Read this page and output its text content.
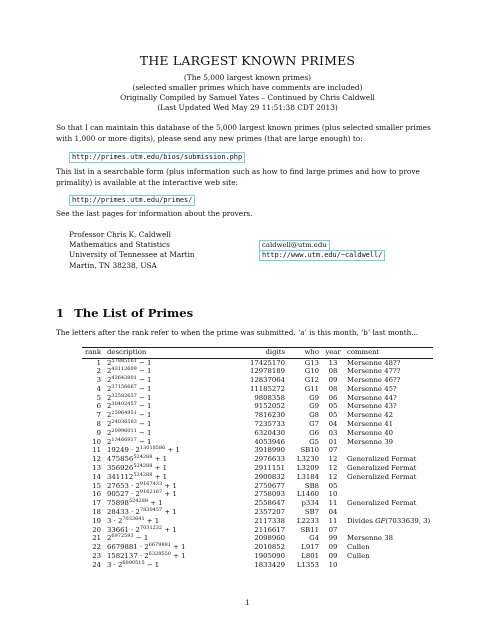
THE LARGEST KNOWN PRIMES
(The 5,000 largest known primes)
(selected smaller primes which have comments are included)
Originally Compiled by Samuel Yates – Continued by Chris Caldwell
(Last Updated Wed May 29 11:51:38 CDT 2013)
So that I can maintain this database of the 5,000 largest known primes (plus selected smaller primes with 1,000 or more digits), please send any new primes (that are large enough) to:
http://primes.utm.edu/bios/submission.php
This list in a searchable form (plus information such as how to find large primes and how to prove primality) is available at the interactive web site:
http://primes.utm.edu/primes/
See the last pages for information about the provers.
Professor Chris K. Caldwell
Mathematics and Statistics
University of Tennessee at Martin
Martin, TN 38238, USA
caldwell@utm.edu
http://www.utm.edu/~caldwell/
1 The List of Primes
The letters after the rank refer to when the prime was submitted. ‘a’ is this month, ‘b’ last month...
rank	description	digits	who	year	comment
1	$2^{57885161} - 1$	17425170	G13	13	Mersenne 48??
2	$2^{43112609} - 1$	12978189	G10	08	Mersenne 47??
3	$2^{42643801} - 1$	12837064	G12	09	Mersenne 46??
4	$2^{37156667} - 1$	11185272	G11	08	Mersenne 45?
5	$2^{32582657} - 1$	9808358	G9	06	Mersenne 44?
6	$2^{30402457} - 1$	9152052	G9	05	Mersenne 43?
7	$2^{25964951} - 1$	7816230	G8	05	Mersenne 42
8	$2^{24036583} - 1$	7235733	G7	04	Mersenne 41
9	$2^{20996011} - 1$	6320430	G6	03	Mersenne 40
10	$2^{13466917} - 1$	4053946	G5	01	Mersenne 39
11	$19249 \cdot 2^{13018586} + 1$	3918990	SB10	07	
12	$475856^{524288} + 1$	2976633	L3230	12	Generalized Fermat
13	$356926^{524288} + 1$	2911151	L3209	12	Generalized Fermat
14	$341112^{524288} + 1$	2900832	L3184	12	Generalized Fermat
15	$27653 \cdot 2^{9167433} + 1$	2759677	SB8	05	
16	$90527 \cdot 2^{9162167} + 1$	2758093	L1460	10	
17	$75898^{524288} + 1$	2558647	p334	11	Generalized Fermat
18	$28433 \cdot 2^{7830457} + 1$	2357207	SB7	04	
19	$3 \cdot 2^{7033641} + 1$	2117338	L2233	11	Divides GF(7033639, 3)
20	$33661 \cdot 2^{7031232} + 1$	2116617	SB11	07	
21	$2^{6972593} - 1$	2098960	G4	99	Mersenne 38
22	$6679881 \cdot 2^{6679881} + 1$	2010852	L917	09	Cullen
23	$1582137 \cdot 2^{6328550} + 1$	1905090	L801	09	Cullen
24	$3 \cdot 2^{6090515} - 1$	1833429	L1353	10	
1
